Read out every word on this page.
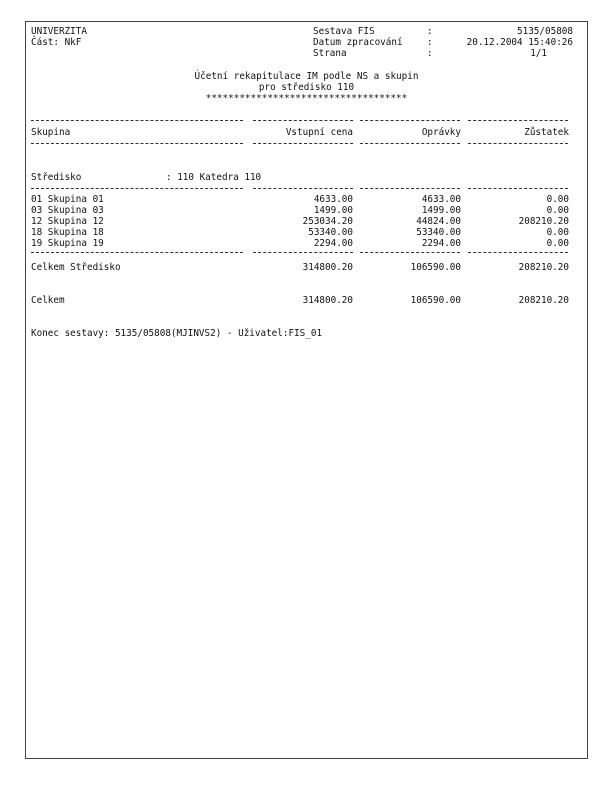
UNIVERZITA
Část: NkF
Sestava FIS	:	5135/05808
Datum zpracování	:	20.12.2004 15:40:26
Strana	:	1/1
Účetní rekapitulace IM podle NS a skupin
pro středisko 110
************************************
Skupina	Vstupní cena	Oprávky	Zůstatek
Středisko	: 110 Katedra 110
01 Skupina 01	4633.00	4633.00	0.00
03 Skupina 03	1499.00	1499.00	0.00
12 Skupina 12	253034.20	44824.00	208210.20
18 Skupina 18	53340.00	53340.00	0.00
19 Skupina 19	2294.00	2294.00	0.00
Celkem Středisko	314800.20	106590.00	208210.20
Celkem	314800.20	106590.00	208210.20
Konec sestavy: 5135/05808(MJINVS2) - Uživatel:FIS_01
